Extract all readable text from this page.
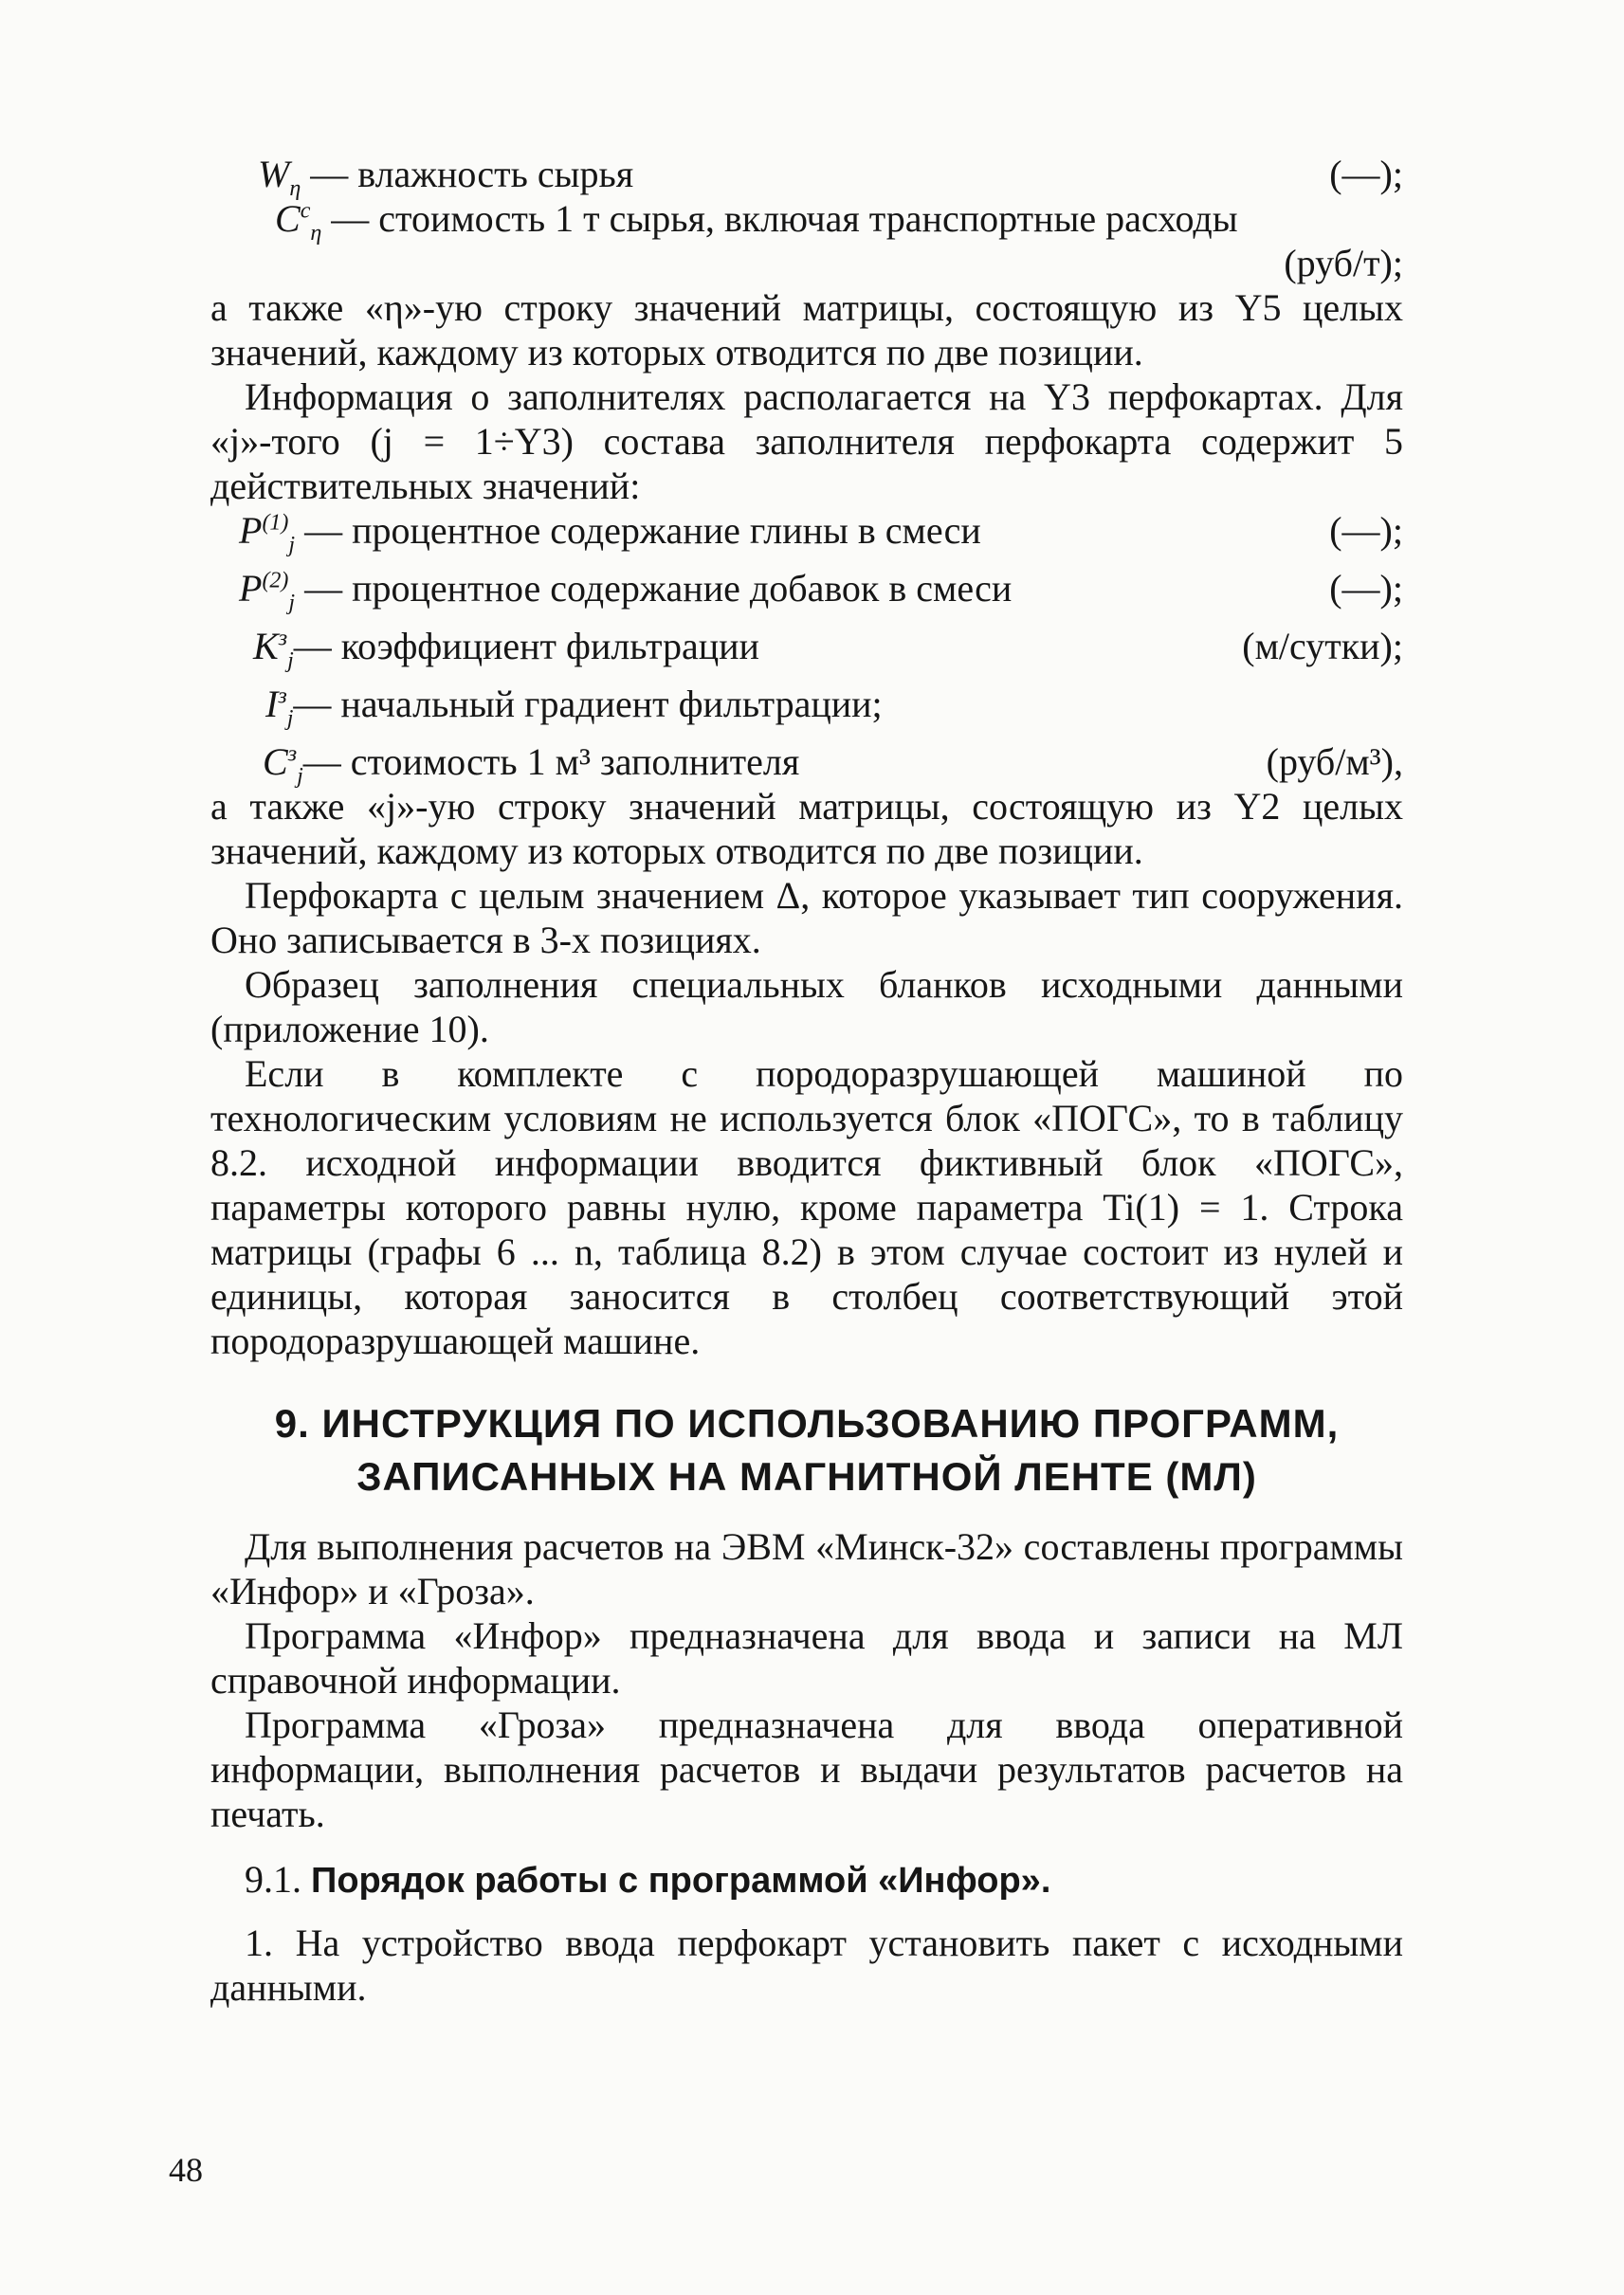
$W_\eta$ — влажность сырья	(—);
$C^c_\eta$ — стоимость 1 т сырья, включая транспортные расходы
(руб/т);

а также «η»-ую строку значений матрицы, состоящую из Y5 целых значений, каждому из которых отводится по две позиции.

Информация о заполнителях располагается на Y3 перфокартах. Для «j»-того (j = 1÷Y3) состава заполнителя перфокарта содержит 5 действительных значений:

$P^{(1)}_j$ — процентное содержание глины в смеси	(—);
$P^{(2)}_j$ — процентное содержание добавок в смеси	(—);
$K^з_j$ — коэффициент фильтрации	(м/сутки);
$I^з_j$ — начальный градиент фильтрации;
$C^з_j$ — стоимость 1 м³ заполнителя	(руб/м³),

а также «j»-ую строку значений матрицы, состоящую из Y2 целых значений, каждому из которых отводится по две позиции.

Перфокарта с целым значением Δ, которое указывает тип сооружения. Оно записывается в 3-х позициях.

Образец заполнения специальных бланков исходными данными (приложение 10).

Если в комплекте с породоразрушающей машиной по технологическим условиям не используется блок «ПОГС», то в таблицу 8.2. исходной информации вводится фиктивный блок «ПОГС», параметры которого равны нулю, кроме параметра Ti(1) = 1. Строка матрицы (графы 6 ... n, таблица 8.2) в этом случае состоит из нулей и единицы, которая заносится в столбец соответствующий этой породоразрушающей машине.

9. ИНСТРУКЦИЯ ПО ИСПОЛЬЗОВАНИЮ ПРОГРАММ,
ЗАПИСАННЫХ НА МАГНИТНОЙ ЛЕНТЕ (МЛ)

Для выполнения расчетов на ЭВМ «Минск-32» составлены программы «Инфор» и «Гроза».

Программа «Инфор» предназначена для ввода и записи на МЛ справочной информации.

Программа «Гроза» предназначена для ввода оперативной информации, выполнения расчетов и выдачи результатов расчетов на печать.

9.1. Порядок работы с программой «Инфор».

1. На устройство ввода перфокарт установить пакет с исходными данными.

48
